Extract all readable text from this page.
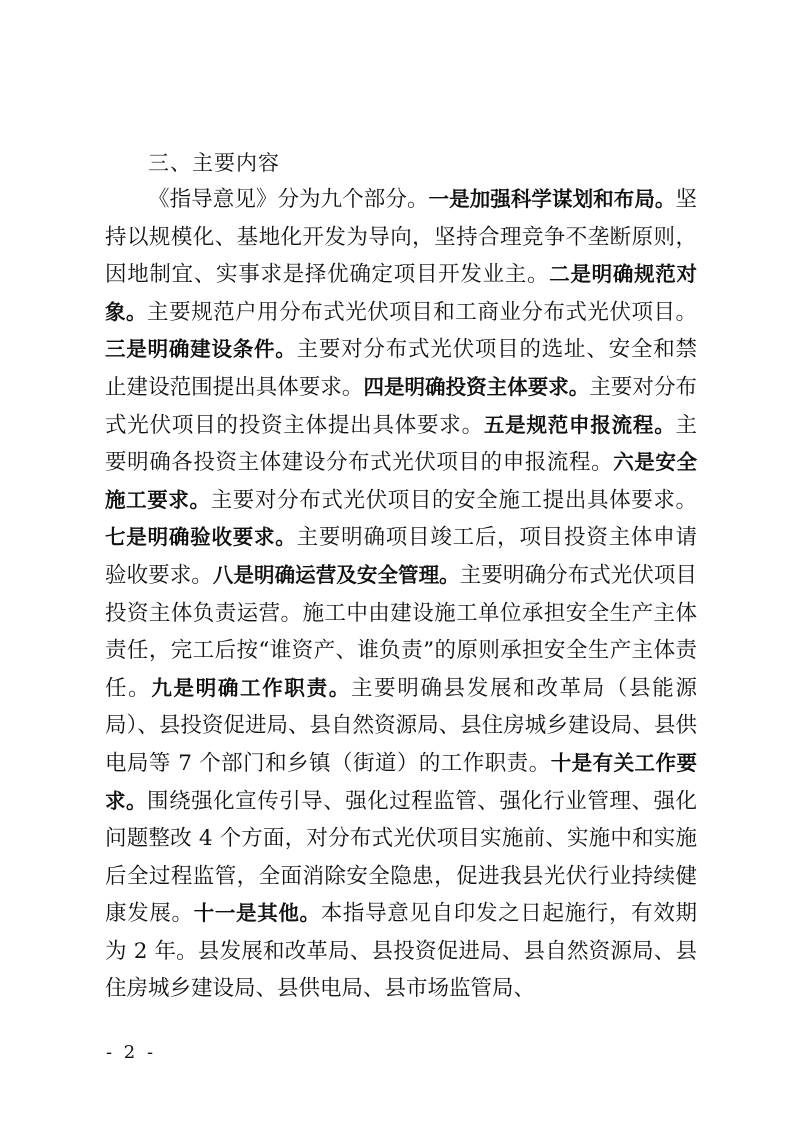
三、主要内容

《指导意见》分为九个部分。一是加强科学谋划和布局。坚持以规模化、基地化开发为导向，坚持合理竞争不垄断原则，因地制宜、实事求是择优确定项目开发业主。二是明确规范对象。主要规范户用分布式光伏项目和工商业分布式光伏项目。三是明确建设条件。主要对分布式光伏项目的选址、安全和禁止建设范围提出具体要求。四是明确投资主体要求。主要对分布式光伏项目的投资主体提出具体要求。五是规范申报流程。主要明确各投资主体建设分布式光伏项目的申报流程。六是安全施工要求。主要对分布式光伏项目的安全施工提出具体要求。七是明确验收要求。主要明确项目竣工后，项目投资主体申请验收要求。八是明确运营及安全管理。主要明确分布式光伏项目投资主体负责运营。施工中由建设施工单位承担安全生产主体责任，完工后按“谁资产、谁负责”的原则承担安全生产主体责任。九是明确工作职责。主要明确县发展和改革局（县能源局）、县投资促进局、县自然资源局、县住房城乡建设局、县供电局等 7 个部门和乡镇（街道）的工作职责。十是有关工作要求。围绕强化宣传引导、强化过程监管、强化行业管理、强化问题整改 4 个方面，对分布式光伏项目实施前、实施中和实施后全过程监管，全面消除安全隐患，促进我县光伏行业持续健康发展。十一是其他。本指导意见自印发之日起施行，有效期为 2 年。县发展和改革局、县投资促进局、县自然资源局、县住房城乡建设局、县供电局、县市场监管局、

- 2 -
